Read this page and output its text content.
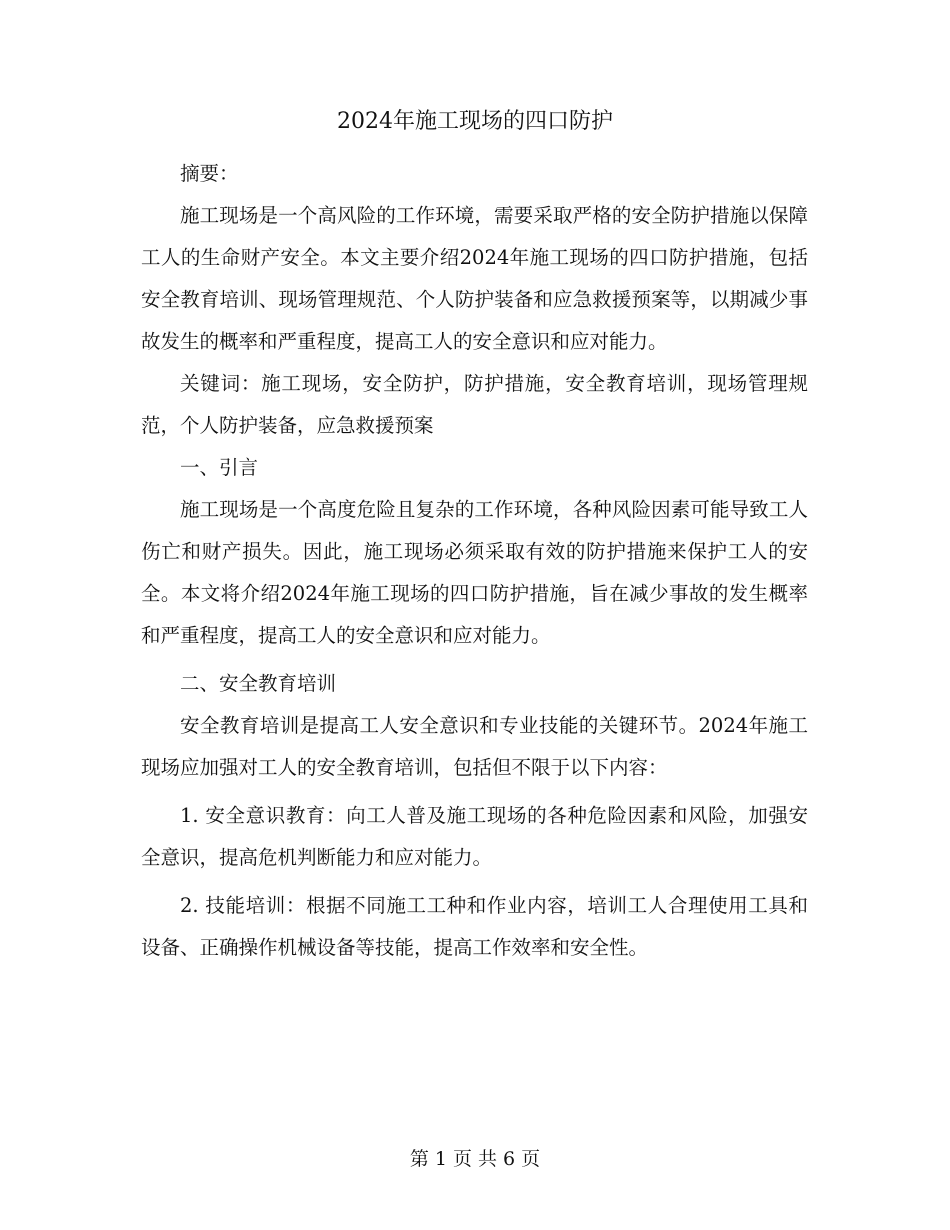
2024年施工现场的四口防护

摘要：

施工现场是一个高风险的工作环境，需要采取严格的安全防护措施以保障工人的生命财产安全。本文主要介绍2024年施工现场的四口防护措施，包括安全教育培训、现场管理规范、个人防护装备和应急救援预案等，以期减少事故发生的概率和严重程度，提高工人的安全意识和应对能力。

关键词：施工现场，安全防护，防护措施，安全教育培训，现场管理规范，个人防护装备，应急救援预案

一、引言

施工现场是一个高度危险且复杂的工作环境，各种风险因素可能导致工人伤亡和财产损失。因此，施工现场必须采取有效的防护措施来保护工人的安全。本文将介绍2024年施工现场的四口防护措施，旨在减少事故的发生概率和严重程度，提高工人的安全意识和应对能力。

二、安全教育培训

安全教育培训是提高工人安全意识和专业技能的关键环节。2024年施工现场应加强对工人的安全教育培训，包括但不限于以下内容：

1. 安全意识教育：向工人普及施工现场的各种危险因素和风险，加强安全意识，提高危机判断能力和应对能力。

2. 技能培训：根据不同施工工种和作业内容，培训工人合理使用工具和设备、正确操作机械设备等技能，提高工作效率和安全性。

第 1 页 共 6 页
